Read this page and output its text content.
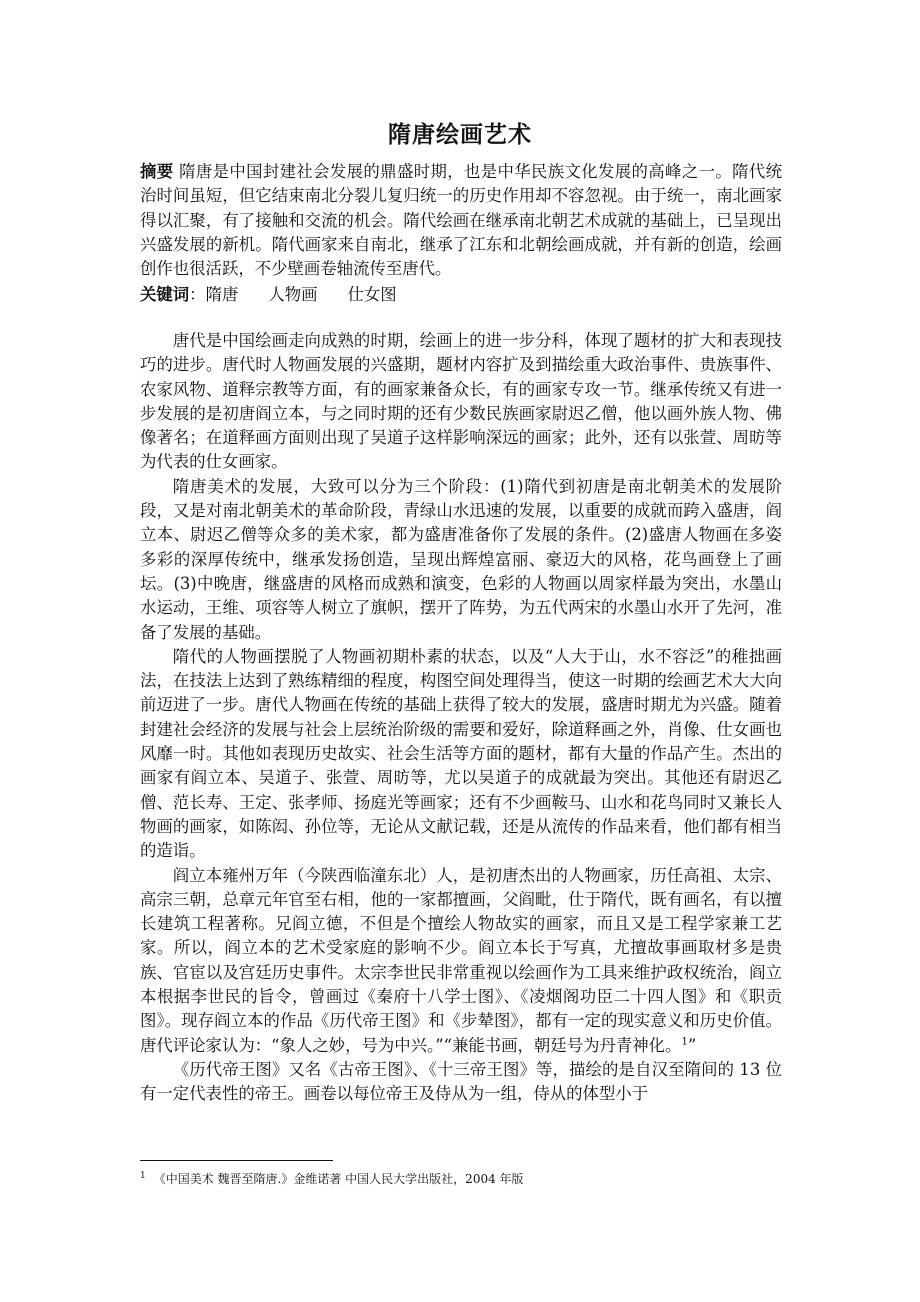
隋唐绘画艺术
摘要 隋唐是中国封建社会发展的鼎盛时期，也是中华民族文化发展的高峰之一。隋代统治时间虽短，但它结束南北分裂儿复归统一的历史作用却不容忽视。由于统一，南北画家得以汇聚，有了接触和交流的机会。隋代绘画在继承南北朝艺术成就的基础上，已呈现出兴盛发展的新机。隋代画家来自南北，继承了江东和北朝绘画成就，并有新的创造，绘画创作也很活跃，不少壁画卷轴流传至唐代。
关键词：隋唐 人物画 仕女图

唐代是中国绘画走向成熟的时期，绘画上的进一步分科，体现了题材的扩大和表现技巧的进步。唐代时人物画发展的兴盛期，题材内容扩及到描绘重大政治事件、贵族事件、农家风物、道释宗教等方面，有的画家兼备众长，有的画家专攻一节。继承传统又有进一步发展的是初唐阎立本，与之同时期的还有少数民族画家尉迟乙僧，他以画外族人物、佛像著名；在道释画方面则出现了吴道子这样影响深远的画家；此外，还有以张萱、周昉等为代表的仕女画家。

隋唐美术的发展，大致可以分为三个阶段：(1)隋代到初唐是南北朝美术的发展阶段，又是对南北朝美术的革命阶段，青绿山水迅速的发展，以重要的成就而跨入盛唐，阎立本、尉迟乙僧等众多的美术家，都为盛唐准备你了发展的条件。(2)盛唐人物画在多姿多彩的深厚传统中，继承发扬创造，呈现出辉煌富丽、豪迈大的风格，花鸟画登上了画坛。(3)中晚唐，继盛唐的风格而成熟和演变，色彩的人物画以周家样最为突出，水墨山水运动，王维、项容等人树立了旗帜，摆开了阵势，为五代两宋的水墨山水开了先河，准备了发展的基础。

隋代的人物画摆脱了人物画初期朴素的状态，以及“人大于山，水不容泛”的稚拙画法，在技法上达到了熟练精细的程度，构图空间处理得当，使这一时期的绘画艺术大大向前迈进了一步。唐代人物画在传统的基础上获得了较大的发展，盛唐时期尤为兴盛。随着封建社会经济的发展与社会上层统治阶级的需要和爱好，除道释画之外，肖像、仕女画也风靡一时。其他如表现历史故实、社会生活等方面的题材，都有大量的作品产生。杰出的画家有阎立本、吴道子、张萱、周昉等，尤以吴道子的成就最为突出。其他还有尉迟乙僧、范长寿、王定、张孝师、扬庭光等画家；还有不少画鞍马、山水和花鸟同时又兼长人物画的画家，如陈闳、孙位等，无论从文献记载，还是从流传的作品来看，他们都有相当的造诣。

阎立本雍州万年（今陕西临潼东北）人，是初唐杰出的人物画家，历任高祖、太宗、高宗三朝，总章元年官至右相，他的一家都擅画，父阎毗，仕于隋代，既有画名，有以擅长建筑工程著称。兄阎立德，不但是个擅绘人物故实的画家，而且又是工程学家兼工艺家。所以，阎立本的艺术受家庭的影响不少。阎立本长于写真，尤擅故事画取材多是贵族、官宦以及宫廷历史事件。太宗李世民非常重视以绘画作为工具来维护政权统治，阎立本根据李世民的旨令，曾画过《秦府十八学士图》、《凌烟阁功臣二十四人图》和《职贡图》。现存阎立本的作品《历代帝王图》和《步辇图》，都有一定的现实意义和历史价值。唐代评论家认为：“象人之妙，号为中兴。”“兼能书画，朝廷号为丹青神化。$^1$”

《历代帝王图》又名《古帝王图》、《十三帝王图》等，描绘的是自汉至隋间的 13 位有一定代表性的帝王。画卷以每位帝王及侍从为一组，侍从的体型小于

$^1$ 《中国美术 魏晋至隋唐.》金维诺著 中国人民大学出版社，2004 年版
